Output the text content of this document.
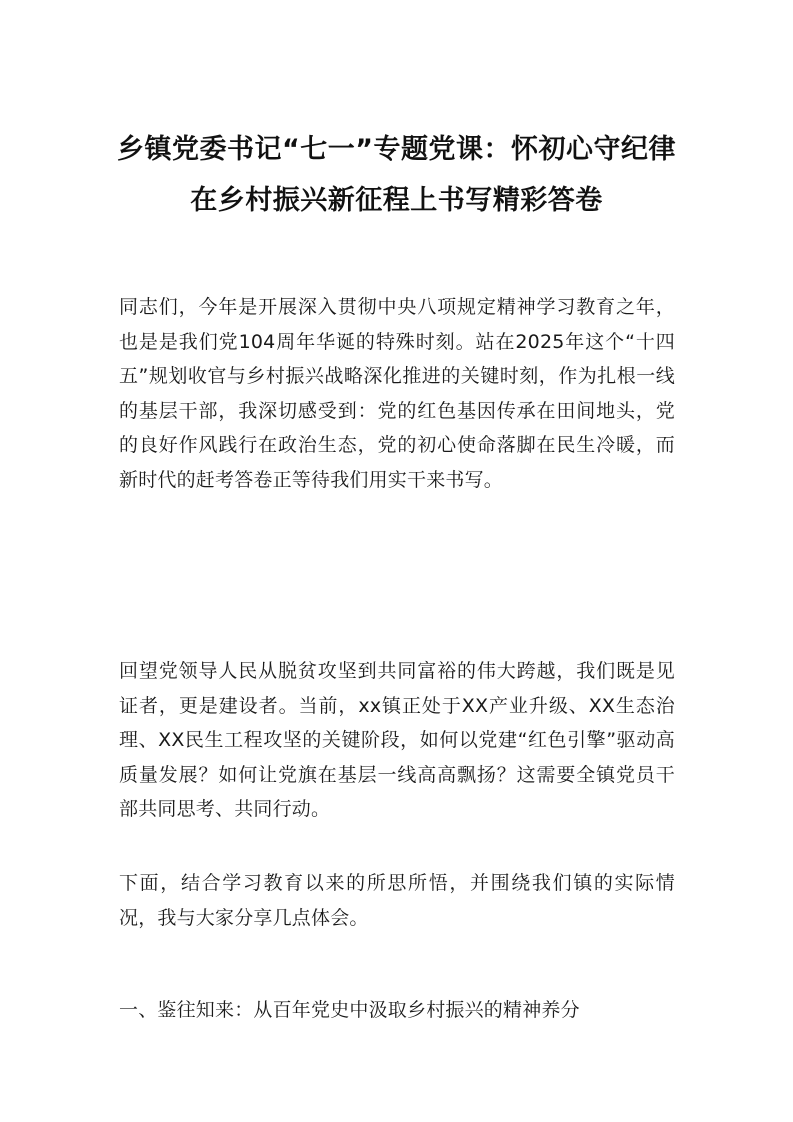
乡镇党委书记“七一”专题党课：怀初心守纪律在乡村振兴新征程上书写精彩答卷
同志们，今年是开展深入贯彻中央八项规定精神学习教育之年，也是是我们党104周年华诞的特殊时刻。站在2025年这个“十四五”规划收官与乡村振兴战略深化推进的关键时刻，作为扎根一线的基层干部，我深切感受到：党的红色基因传承在田间地头，党的良好作风践行在政治生态，党的初心使命落脚在民生冷暖，而新时代的赶考答卷正等待我们用实干来书写。
回望党领导人民从脱贫攻坚到共同富裕的伟大跨越，我们既是见证者，更是建设者。当前，xx镇正处于XX产业升级、XX生态治理、XX民生工程攻坚的关键阶段，如何以党建“红色引擎”驱动高质量发展？如何让党旗在基层一线高高飘扬？这需要全镇党员干部共同思考、共同行动。
下面，结合学习教育以来的所思所悟，并围绕我们镇的实际情况，我与大家分享几点体会。
一、鉴往知来：从百年党史中汲取乡村振兴的精神养分
